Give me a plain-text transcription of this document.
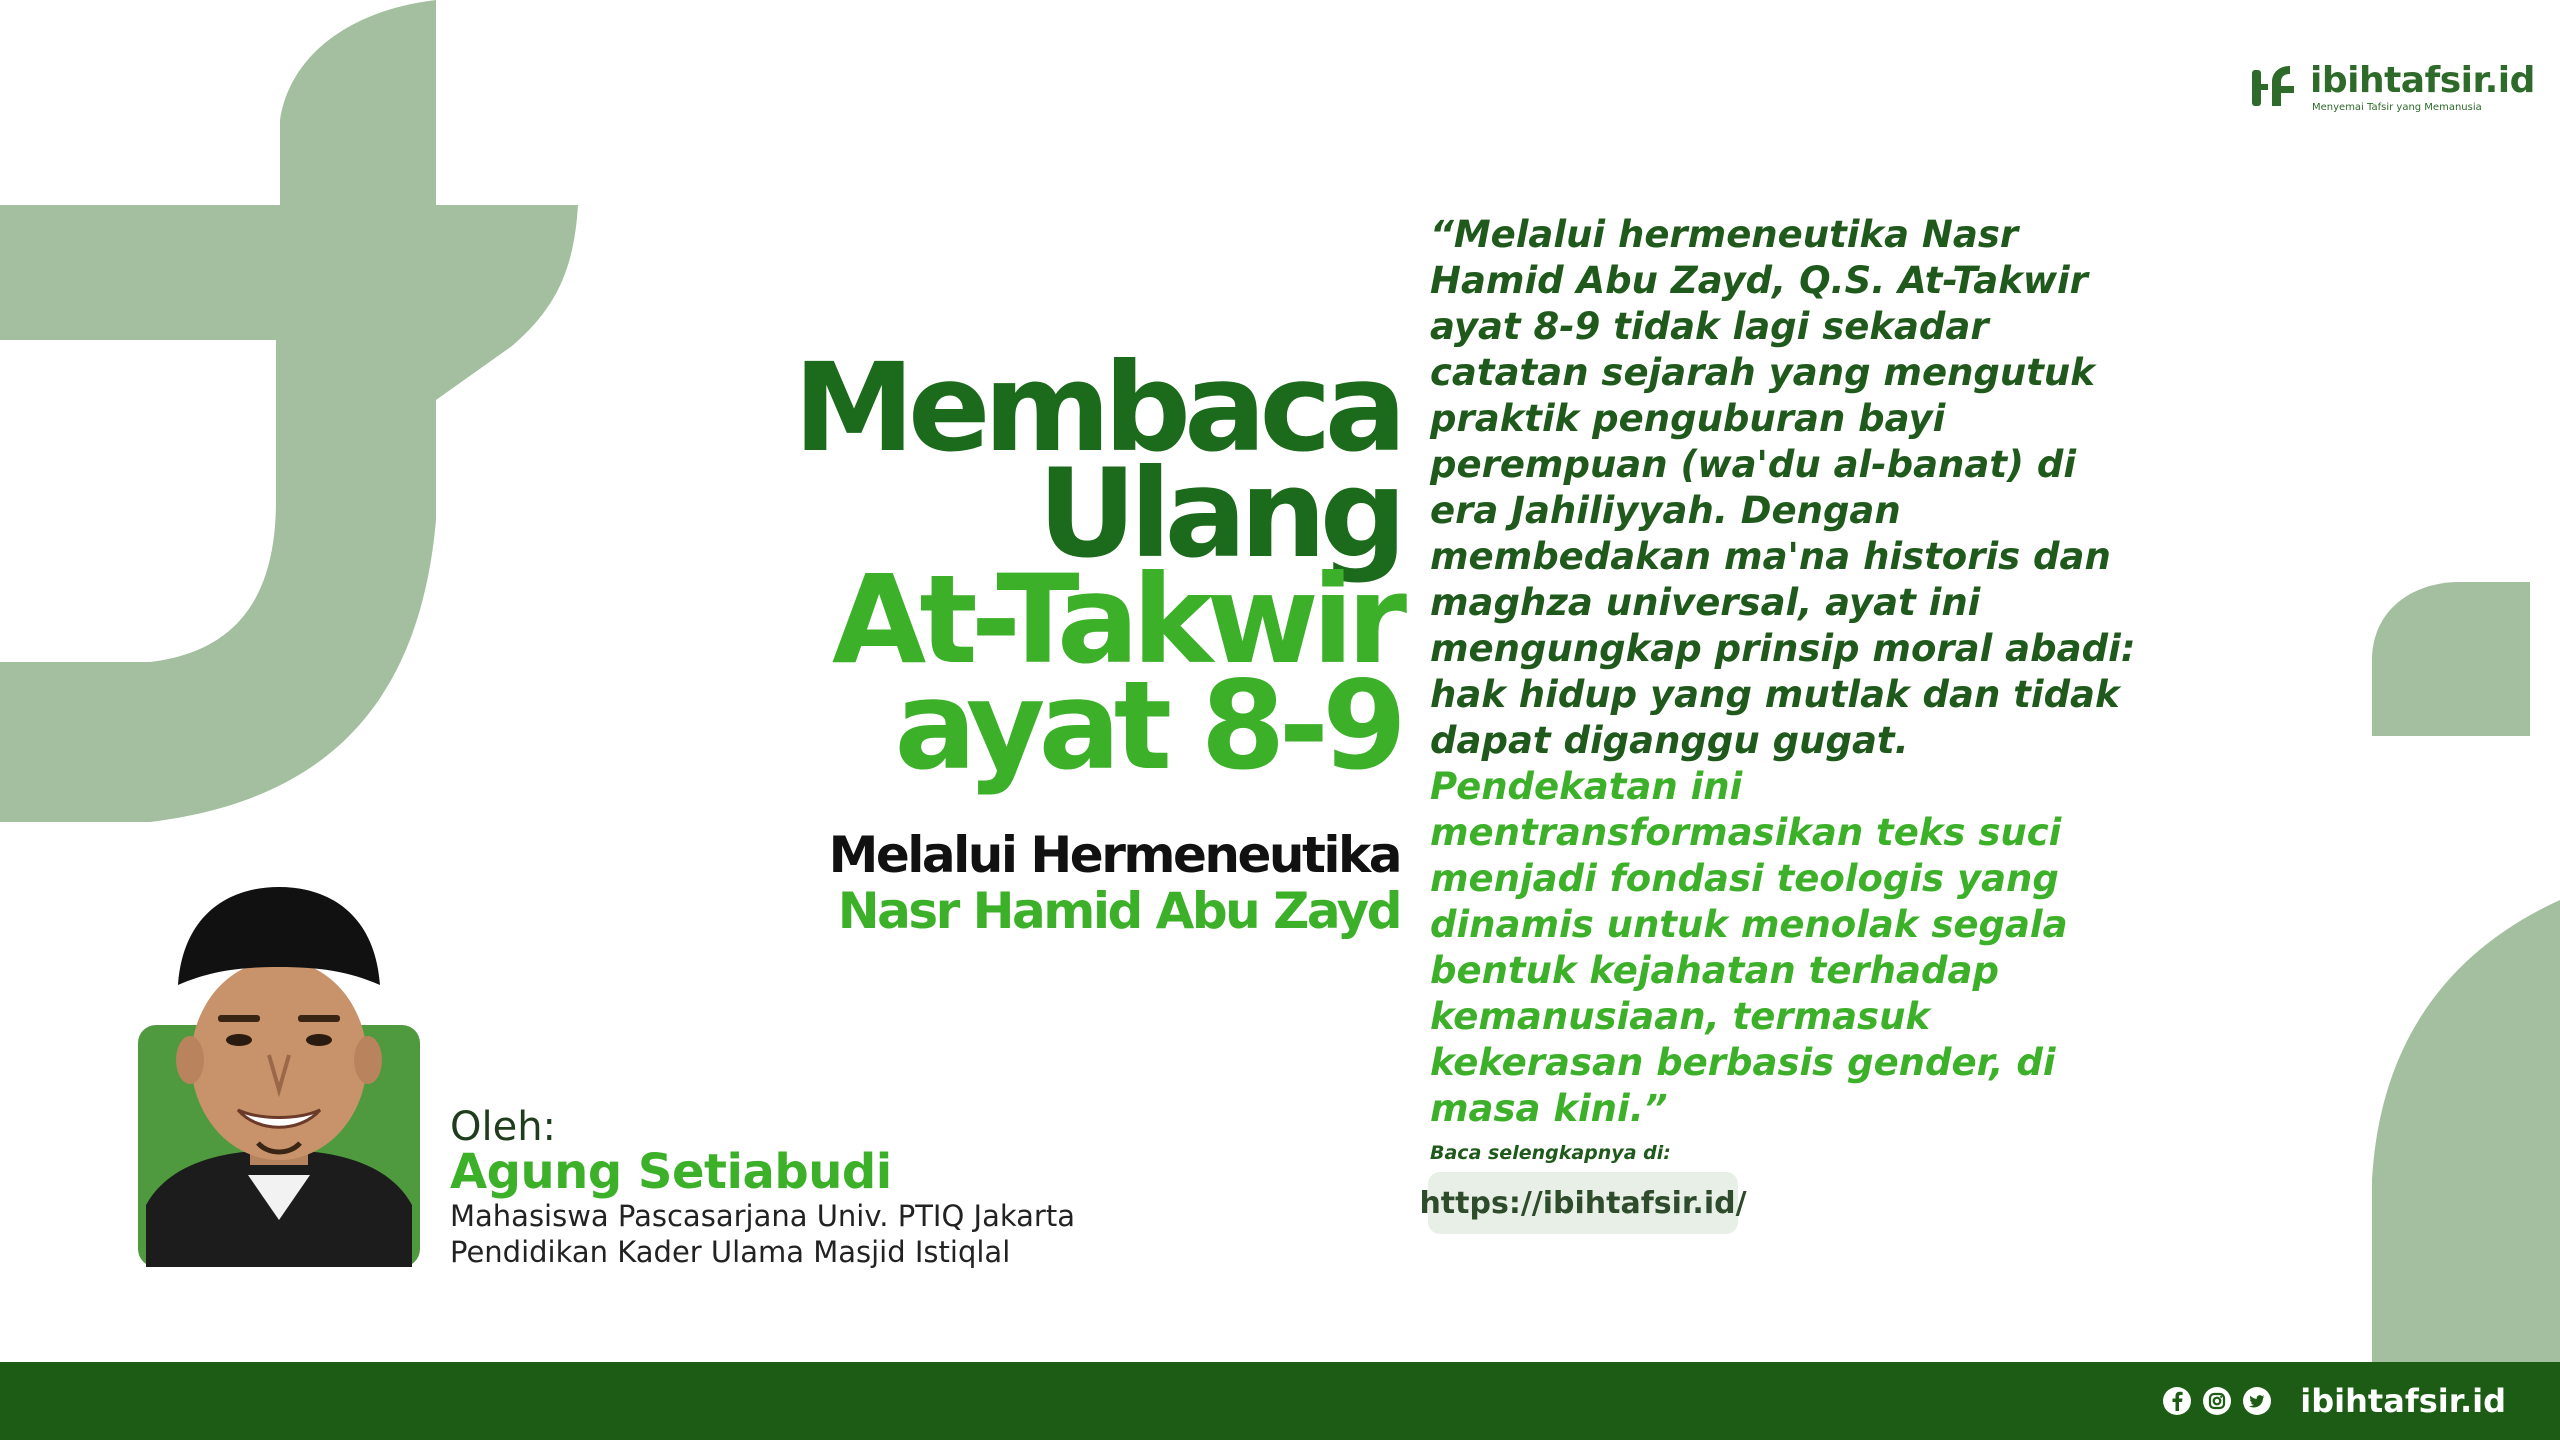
ibihtafsir.id
Menyemai Tafsir yang Memanusia

Membaca

Ulang

At-Takwir

ayat 8-9

Melalui Hermeneutika
Nasr Hamid Abu Zayd

“Melalui hermeneutika Nasr Hamid Abu Zayd, Q.S. At-Takwir ayat 8-9 tidak lagi sekadar catatan sejarah yang mengutuk praktik penguburan bayi perempuan (wa'du al-banat) di era Jahiliyyah. Dengan membedakan ma'na historis dan maghza universal, ayat ini mengungkap prinsip moral abadi: hak hidup yang mutlak dan tidak dapat diganggu gugat. Pendekatan ini mentransformasikan teks suci menjadi fondasi teologis yang dinamis untuk menolak segala bentuk kejahatan terhadap kemanusiaan, termasuk kekerasan berbasis gender, di masa kini.”

Baca selengkapnya di:
https://ibihtafsir.id/
Oleh:
Agung Setiabudi
Mahasiswa Pascasarjana Univ. PTIQ Jakarta
Pendidikan Kader Ulama Masjid Istiqlal
ibihtafsir.id
